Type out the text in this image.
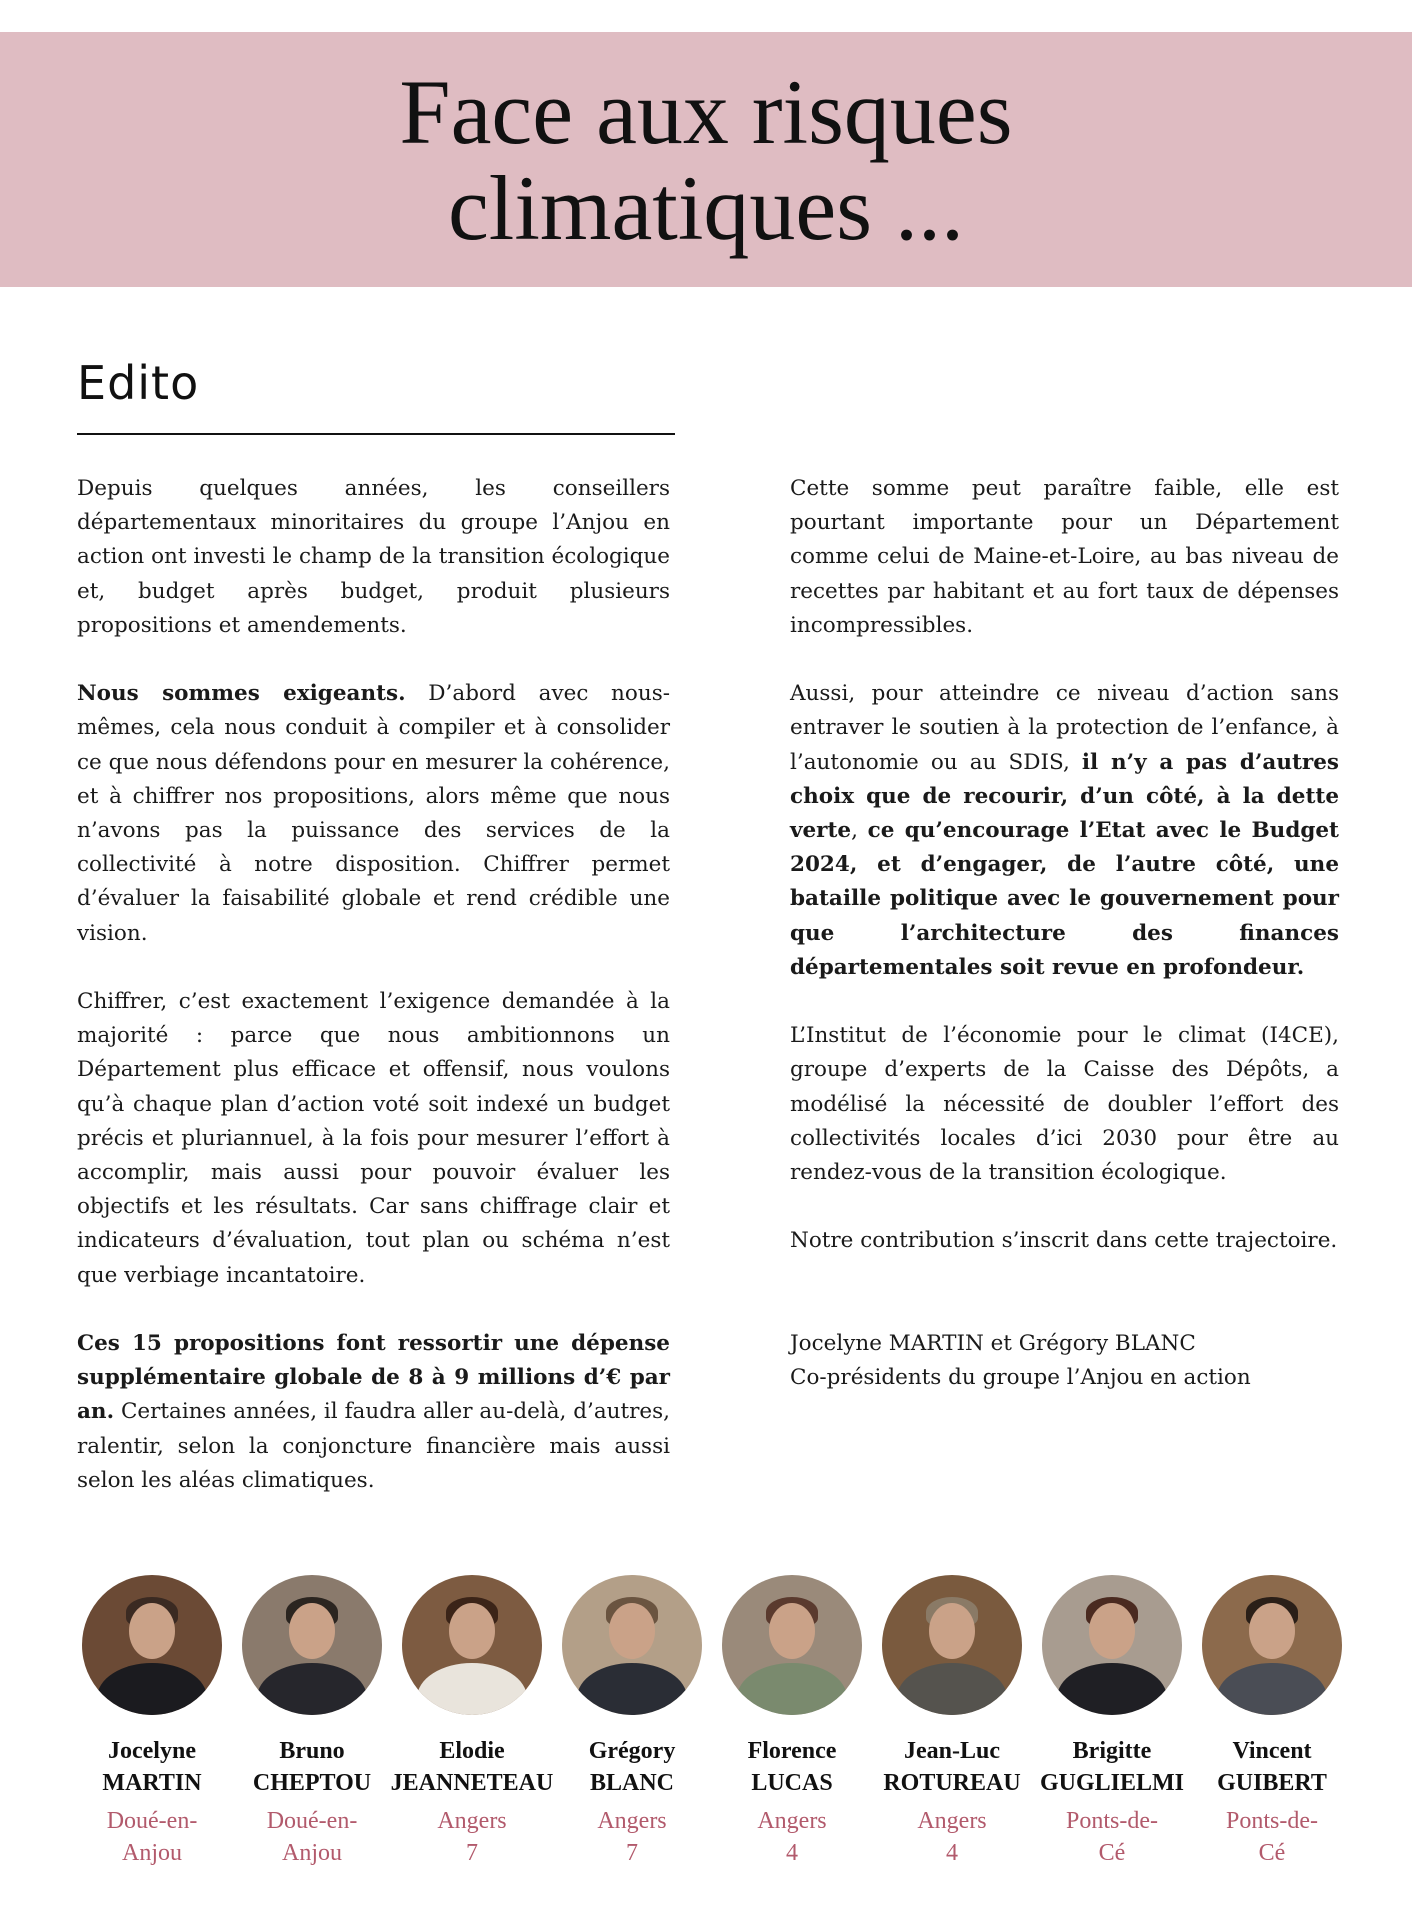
Face aux risques
climatiques ...
Edito

Depuis quelques années, les conseillers départementaux minoritaires du groupe l’Anjou en action ont investi le champ de la transition écologique et, budget après budget, produit plusieurs propositions et amendements.

Nous sommes exigeants. D’abord avec nous-mêmes, cela nous conduit à compiler et à consolider ce que nous défendons pour en mesurer la cohérence, et à chiffrer nos propositions, alors même que nous n’avons pas la puissance des services de la collectivité à notre disposition. Chiffrer permet d’évaluer la faisabilité globale et rend crédible une vision.

Chiffrer, c’est exactement l’exigence demandée à la majorité : parce que nous ambitionnons un Département plus efficace et offensif, nous voulons qu’à chaque plan d’action voté soit indexé un budget précis et pluriannuel, à la fois pour mesurer l’effort à accomplir, mais aussi pour pouvoir évaluer les objectifs et les résultats. Car sans chiffrage clair et indicateurs d’évaluation, tout plan ou schéma n’est que verbiage incantatoire.

Ces 15 propositions font ressortir une dépense supplémentaire globale de 8 à 9 millions d’€ par an. Certaines années, il faudra aller au-delà, d’autres, ralentir, selon la conjoncture financière mais aussi selon les aléas climatiques.

Cette somme peut paraître faible, elle est pourtant importante pour un Département comme celui de Maine-et-Loire, au bas niveau de recettes par habitant et au fort taux de dépenses incompressibles.

Aussi, pour atteindre ce niveau d’action sans entraver le soutien à la protection de l’enfance, à l’autonomie ou au SDIS, il n’y a pas d’autres choix que de recourir, d’un côté, à la dette verte, ce qu’encourage l’Etat avec le Budget 2024, et d’engager, de l’autre côté, une bataille politique avec le gouvernement pour que l’architecture des finances départementales soit revue en profondeur.

L’Institut de l’économie pour le climat (I4CE), groupe d’experts de la Caisse des Dépôts, a modélisé la nécessité de doubler l’effort des collectivités locales d’ici 2030 pour être au rendez-vous de la transition écologique.

Notre contribution s’inscrit dans cette trajectoire.

Jocelyne MARTIN et Grégory BLANC

Co-présidents du groupe l’Anjou en action

Jocelyne
MARTIN
Doué-en-
Anjou
Bruno
CHEPTOU
Doué-en-
Anjou
Elodie
JEANNETEAU
Angers
7
Grégory
BLANC
Angers
7
Florence
LUCAS
Angers
4
Jean-Luc
ROTUREAU
Angers
4
Brigitte
GUGLIELMI
Ponts-de-
Cé
Vincent
GUIBERT
Ponts-de-
Cé
